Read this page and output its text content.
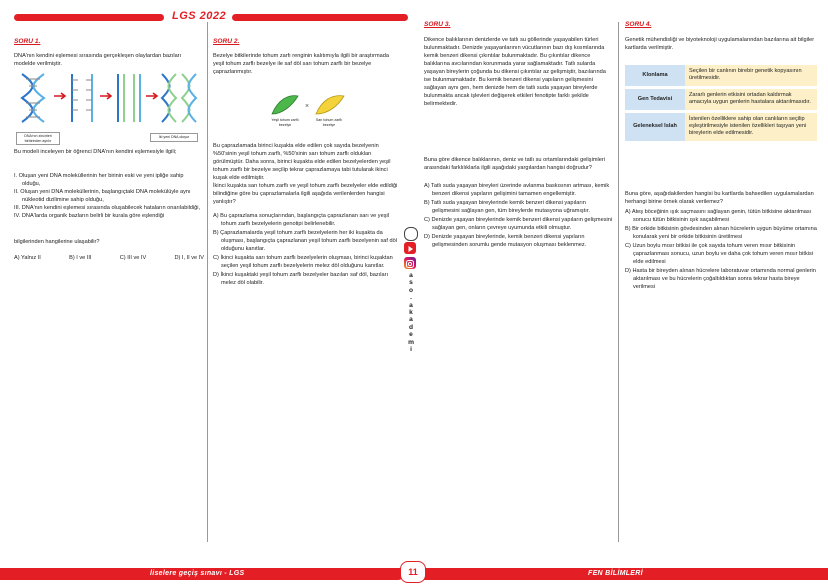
LGS 2022
SORU 1.
DNA'nın kendini eşlemesi sırasında gerçekleşen olaylardan bazıları modelde verilmiştir.
DNA'nın zincirleri birbirinden ayrılır
İki yeni DNA oluşur
Bu modeli inceleyen bir öğrenci DNA'nın kendini eşlemesiyle ilgili;
I. Oluşan yeni DNA moleküllerinin her birinin eski ve yeni ipliğe sahip olduğu,
II. Oluşan yeni DNA moleküllerinin, başlangıçtaki DNA molekülüyle aynı nükleotid dizilimine sahip olduğu,
III. DNA'nın kendini eşlemesi sırasında oluşabilecek hataların onarılabildiği,
IV. DNA'larda organik bazların belirli bir kurala göre eşlendiği
bilgilerinden hangilerine ulaşabilir?
A) Yalnız II	B) I ve III	C) III ve IV	D) I, II ve IV
SORU 2.
Bezelye bitkilerinde tohum zarfı renginin kalıtımıyla ilgili bir araştırmada yeşil tohum zarflı bezelye ile saf döl sarı tohum zarflı bir bezelye çaprazlanmıştır.
×
Yeşil tohum zarflı bezelye
Sarı tohum zarflı bezelye
Bu çaprazlamada birinci kuşakta elde edilen çok sayıda bezelyenin %50'sinin yeşil tohum zarflı, %50'sinin sarı tohum zarflı oldukları görülmüştür. Daha sonra, birinci kuşakta elde edilen bezelyelerden yeşil tohum zarflı bir bezelye seçilip tekrar çaprazlamaya tabi tutularak ikinci kuşak elde edilmiştir.
İkinci kuşakta sarı tohum zarflı ve yeşil tohum zarflı bezelyeler elde edildiği bilindiğine göre bu çaprazlamalarla ilgili aşağıda verilenlerden hangisi yanlıştır?
A) Bu çaprazlama sonuçlarından, başlangıçta çaprazlanan sarı ve yeşil tohum zarflı bezelyelerin genotipi belirlenebilir.
B) Çaprazlamalarda yeşil tohum zarflı bezelyelerin her iki kuşakta da oluşması, başlangıçta çaprazlanan yeşil tohum zarflı bezelyenin saf döl olduğunu kanıtlar.
C) İkinci kuşakta sarı tohum zarflı bezelyelerin oluşması, birinci kuşaktan seçilen yeşil tohum zarflı bezelyelerin melez döl olduğunu kanıtlar.
D) İkinci kuşaktaki yeşil tohum zarflı bezelyeler bazıları saf döl, bazıları melez döl olabilir.
a
s
o
.
a
k
a
d
e
m
i
SORU 3.
Dikence balıklarının denizlerde ve tatlı su göllerinde yaşayabilen türleri bulunmaktadır. Denizde yaşayanlarının vücutlarının bazı dış kısımlarında kemik benzeri dikensi çıkıntılar bulunmaktadır. Bu çıkıntılar dikence balıklarına avcılarından korunmada yarar sağlamaktadır. Tatlı sularda yaşayan bireylerin çoğunda bu dikensi çıkıntılar az gelişmiştir, bazılarında ise bulunmamaktadır. Bu kemik benzeri dikensi yapıların gelişmesini sağlayan aynı gen, hem denizde hem de tatlı suda yaşayan bireylerde bulunmakta ancak işlevleri değişerek etkileri fenotipte farklı şekilde belirmektedir.
Buna göre dikence balıklarının, deniz ve tatlı su ortamlarındaki gelişimleri arasındaki farklılıklarla ilgili aşağıdaki yargılardan hangisi doğrudur?
A) Tatlı suda yaşayan bireyleri üzerinde avlanma baskısının artması, kemik benzeri dikensi yapıların gelişimini tamamen engellemiştir.
B) Tatlı suda yaşayan bireylerinde kemik benzeri dikensi yapıların gelişmesini sağlayan gen, tüm bireylerde mutasyona uğramıştır.
C) Denizde yaşayan bireylerinde kemik benzeri dikensi yapıların gelişmesini sağlayan gen, onların çevreye uyumunda etkili olmuştur.
D) Denizde yaşayan bireylerinde, kemik benzeri dikensi yapıların gelişmesinden sorumlu gende mutasyon oluşması beklenmez.
SORU 4.
Genetik mühendisliği ve biyoteknoloji uygulamalarından bazılarına ait bilgiler kartlarda verilmiştir.
Klonlama	Seçilen bir canlının birebir genetik kopyasının üretilmesidir.

Gen Tedavisi	Zararlı genlerin etkisini ortadan kaldırmak amacıyla uygun genlerin hastalara aktarılmasıdır.

Geleneksel Islah	İstenilen özelliklere sahip olan canlıların seçilip eşleştirilmesiyle istenilen özellikleri taşıyan yeni bireylerin elde edilmesidir.
Buna göre, aşağıdakilerden hangisi bu kartlarda bahsedilen uygulamalardan herhangi birine örnek olarak verilemez?
A) Ateş böceğinin ışık saçmasını sağlayan genin, tütün bitkisine aktarılması sonucu tütün bitkisinin ışık saçabilmesi
B) Bir orkide bitkisinin gövdesinden alınan hücrelerin uygun büyüme ortamına konularak yeni bir orkide bitkisinin üretilmesi
C) Uzun boylu mısır bitkisi ile çok sayıda tohum veren mısır bitkisinin çaprazlanması sonucu, uzun boylu ve daha çok tohum veren mısır bitkisi elde edilmesi
D) Hasta bir bireyden alınan hücrelere laboratuvar ortamında normal genlerin aktarılması ve bu hücrelerin çoğaltıldıktan sonra tekrar hasta bireye verilmesi
liselere geçiş sınavı - LGS	11	FEN BİLİMLERİ
